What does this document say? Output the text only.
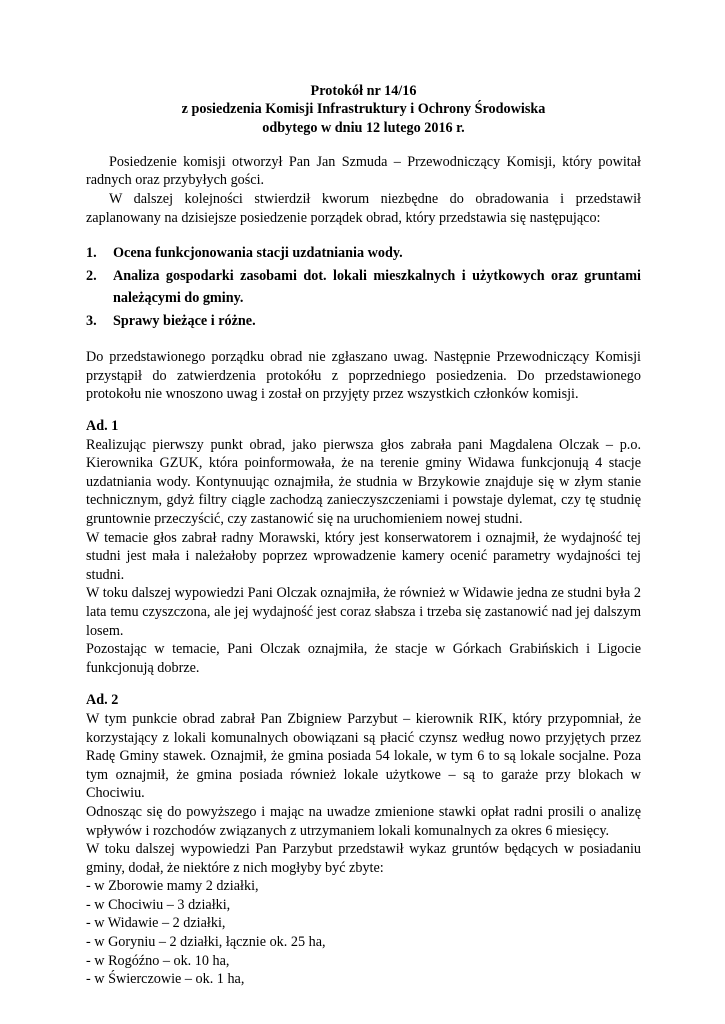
Protokół nr 14/16

z posiedzenia Komisji Infrastruktury i Ochrony Środowiska

odbytego w dniu 12 lutego 2016 r.

Posiedzenie komisji otworzył Pan Jan Szmuda – Przewodniczący Komisji, który powitał radnych oraz przybyłych gości.

W dalszej kolejności stwierdził kworum niezbędne do obradowania i przedstawił zaplanowany na dzisiejsze posiedzenie porządek obrad, który przedstawia się następująco:

1. Ocena funkcjonowania stacji uzdatniania wody.
2. Analiza gospodarki zasobami dot. lokali mieszkalnych i użytkowych oraz gruntami należącymi do gminy.
3. Sprawy bieżące i różne.

Do przedstawionego porządku obrad nie zgłaszano uwag. Następnie Przewodniczący Komisji przystąpił do zatwierdzenia protokółu z poprzedniego posiedzenia. Do przedstawionego protokołu nie wnoszono uwag i został on przyjęty przez wszystkich członków komisji.

Ad. 1

Realizując pierwszy punkt obrad, jako pierwsza głos zabrała pani Magdalena Olczak – p.o. Kierownika GZUK, która poinformowała, że na terenie gminy Widawa funkcjonują 4 stacje uzdatniania wody. Kontynuując oznajmiła, że studnia w Brzykowie znajduje się w złym stanie technicznym, gdyż filtry ciągle zachodzą zanieczyszczeniami i powstaje dylemat, czy tę studnię gruntownie przeczyścić, czy zastanowić się na uruchomieniem nowej studni.

W temacie głos zabrał radny Morawski, który jest konserwatorem i oznajmił, że wydajność tej studni jest mała i należałoby poprzez wprowadzenie kamery ocenić parametry wydajności tej studni.

W toku dalszej wypowiedzi Pani Olczak oznajmiła, że również w Widawie jedna ze studni była 2 lata temu czyszczona, ale jej wydajność jest coraz słabsza i trzeba się zastanowić nad jej dalszym losem.

Pozostając w temacie, Pani Olczak oznajmiła, że stacje w Górkach Grabińskich i Ligocie funkcjonują dobrze.

Ad. 2

W tym punkcie obrad zabrał Pan Zbigniew Parzybut – kierownik RIK, który przypomniał, że korzystający z lokali komunalnych obowiązani są płacić czynsz według nowo przyjętych przez Radę Gminy stawek. Oznajmił, że gmina posiada 54 lokale, w tym 6 to są lokale socjalne. Poza tym oznajmił, że gmina posiada również lokale użytkowe – są to garaże przy blokach w Chociwiu.

Odnosząc się do powyższego i mając na uwadze zmienione stawki opłat radni prosili o analizę wpływów i rozchodów związanych z utrzymaniem lokali komunalnych za okres 6 miesięcy.

W toku dalszej wypowiedzi Pan Parzybut przedstawił wykaz gruntów będących w posiadaniu gminy, dodał, że niektóre z nich mogłyby być zbyte:

- w Zborowie mamy 2 działki,
- w Chociwiu – 3 działki,
- w Widawie – 2 działki,
- w Goryniu – 2 działki, łącznie ok. 25 ha,
- w Rogóźno – ok. 10 ha,
- w Świerczowie – ok. 1 ha,
